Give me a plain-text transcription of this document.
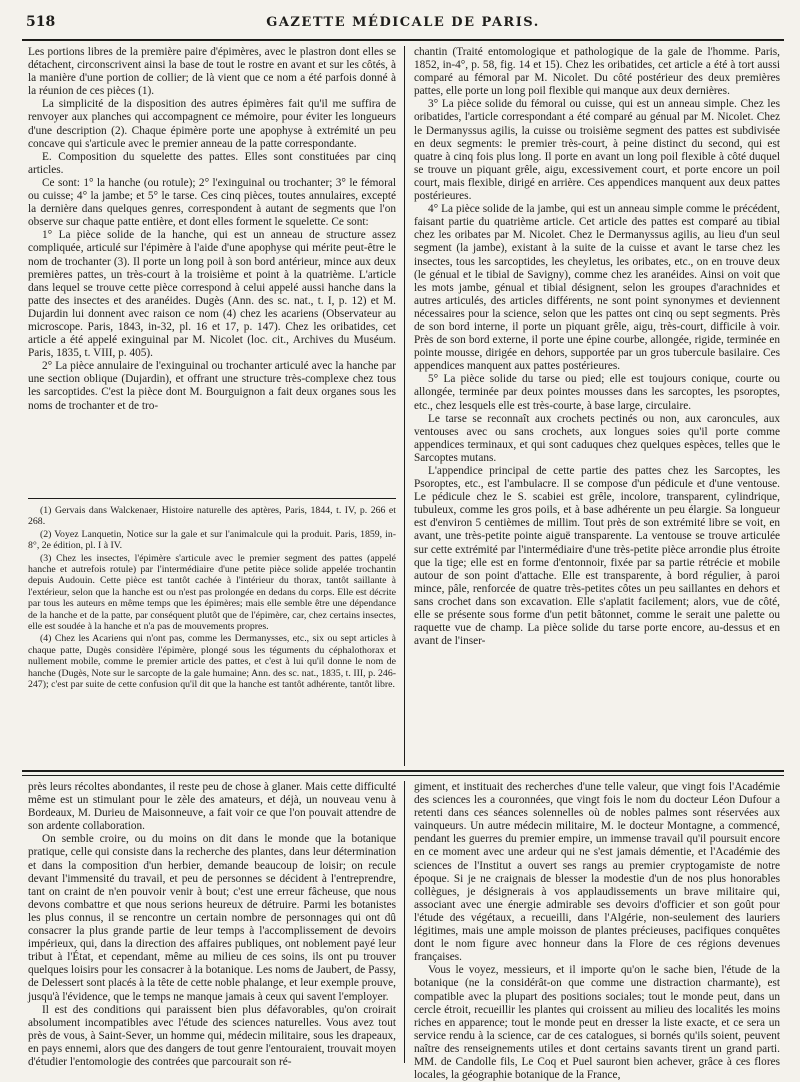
518	GAZETTE MÉDICALE DE PARIS.

Les portions libres de la première paire d'épimères, avec le plastron dont elles se détachent, circonscrivent ainsi la base de tout le rostre en avant et sur les côtés, à la manière d'une portion de collier; de là vient que ce nom a été parfois donné à la réunion de ces pièces (1).

La simplicité de la disposition des autres épimères fait qu'il me suffira de renvoyer aux planches qui accompagnent ce mémoire, pour éviter les longueurs d'une description (2). Chaque épimère porte une apophyse à extrémité un peu concave qui s'articule avec le premier anneau de la patte correspondante.

E. Composition du squelette des pattes. Elles sont constituées par cinq articles.

Ce sont: 1° la hanche (ou rotule); 2° l'exinguinal ou trochanter; 3° le fémoral ou cuisse; 4° la jambe; et 5° le tarse. Ces cinq pièces, toutes annulaires, excepté la dernière dans quelques genres, correspondent à autant de segments que l'on observe sur chaque patte entière, et dont elles forment le squelette. Ce sont:

1° La pièce solide de la hanche, qui est un anneau de structure assez compliquée, articulé sur l'épimère à l'aide d'une apophyse qui mérite peut-être le nom de trochanter (3). Il porte un long poil à son bord antérieur, mince aux deux premières pattes, un très-court à la troisième et point à la quatrième. L'article dans lequel se trouve cette pièce correspond à celui appelé aussi hanche dans la patte des insectes et des aranéides. Dugès (Ann. des sc. nat., t. I, p. 12) et M. Dujardin lui donnent avec raison ce nom (4) chez les acariens (Observateur au microscope. Paris, 1843, in-32, pl. 16 et 17, p. 147). Chez les oribatides, cet article a été appelé exinguinal par M. Nicolet (loc. cit., Archives du Muséum. Paris, 1835, t. VIII, p. 405).

2° La pièce annulaire de l'exinguinal ou trochanter articulé avec la hanche par une section oblique (Dujardin), et offrant une structure très-complexe chez tous les sarcoptides. C'est la pièce dont M. Bourguignon a fait deux organes sous les noms de trochanter et de tro-

(1) Gervais dans Walckenaer, Histoire naturelle des aptères, Paris, 1844, t. IV, p. 266 et 268.

(2) Voyez Lanquetin, Notice sur la gale et sur l'animalcule qui la produit. Paris, 1859, in-8°, 2e édition, pl. I à IV.

(3) Chez les insectes, l'épimère s'articule avec le premier segment des pattes (appelé hanche et autrefois rotule) par l'intermédiaire d'une petite pièce solide appelée trochantin depuis Audouin. Cette pièce est tantôt cachée à l'intérieur du thorax, tantôt saillante à l'extérieur, selon que la hanche est ou n'est pas prolongée en dedans du corps. Elle est décrite par tous les auteurs en même temps que les épimères; mais elle semble être une dépendance de la hanche et de la patte, par conséquent plutôt que de l'épimère, car, chez certains insectes, elle est soudée à la hanche et n'a pas de mouvements propres.

(4) Chez les Acariens qui n'ont pas, comme les Dermanysses, etc., six ou sept articles à chaque patte, Dugès considère l'épimère, plongé sous les téguments du céphalothorax et nullement mobile, comme le premier article des pattes, et c'est à lui qu'il donne le nom de hanche (Dugès, Note sur le sarcopte de la gale humaine; Ann. des sc. nat., 1835, t. III, p. 246-247); c'est par suite de cette confusion qu'il dit que la hanche est tantôt adhérente, tantôt libre.

chantin (Traité entomologique et pathologique de la gale de l'homme. Paris, 1852, in-4°, p. 58, fig. 14 et 15). Chez les oribatides, cet article a été à tort aussi comparé au fémoral par M. Nicolet. Du côté postérieur des deux premières pattes, elle porte un long poil flexible qui manque aux deux dernières.

3° La pièce solide du fémoral ou cuisse, qui est un anneau simple. Chez les oribatides, l'article correspondant a été comparé au génual par M. Nicolet. Chez le Dermanyssus agilis, la cuisse ou troisième segment des pattes est subdivisée en deux segments: le premier très-court, à peine distinct du second, qui est quatre à cinq fois plus long. Il porte en avant un long poil flexible à côté duquel se trouve un piquant grêle, aigu, excessivement court, et porte encore un poil court, mais flexible, dirigé en arrière. Ces appendices manquent aux deux pattes postérieures.

4° La pièce solide de la jambe, qui est un anneau simple comme le précédent, faisant partie du quatrième article. Cet article des pattes est comparé au tibial chez les oribates par M. Nicolet. Chez le Dermanyssus agilis, au lieu d'un seul segment (la jambe), existant à la suite de la cuisse et avant le tarse chez les insectes, tous les sarcoptides, les cheyletus, les oribates, etc., on en trouve deux (le génual et le tibial de Savigny), comme chez les aranéides. Ainsi on voit que les mots jambe, génual et tibial désignent, selon les groupes d'arachnides et autres articulés, des articles différents, ne sont point synonymes et deviennent nécessaires pour la science, selon que les pattes ont cinq ou sept segments. Près de son bord interne, il porte un piquant grêle, aigu, très-court, difficile à voir. Près de son bord externe, il porte une épine courbe, allongée, rigide, terminée en pointe mousse, dirigée en dehors, supportée par un gros tubercule basilaire. Ces appendices manquent aux pattes postérieures.

5° La pièce solide du tarse ou pied; elle est toujours conique, courte ou allongée, terminée par deux pointes mousses dans les sarcoptes, les psoroptes, etc., chez lesquels elle est très-courte, à base large, circulaire.

Le tarse se reconnaît aux crochets pectinés ou non, aux caroncules, aux ventouses avec ou sans crochets, aux longues soies qu'il porte comme appendices terminaux, et qui sont caduques chez quelques espèces, telles que le Sarcoptes mutans.

L'appendice principal de cette partie des pattes chez les Sarcoptes, les Psoroptes, etc., est l'ambulacre. Il se compose d'un pédicule et d'une ventouse. Le pédicule chez le S. scabiei est grêle, incolore, transparent, cylindrique, tubuleux, comme les gros poils, et à base adhérente un peu élargie. Sa longueur est d'environ 5 centièmes de millim. Tout près de son extrémité libre se voit, en avant, une très-petite pointe aiguë transparente. La ventouse se trouve articulée sur cette extrémité par l'intermédiaire d'une très-petite pièce arrondie plus étroite que la tige; elle est en forme d'entonnoir, fixée par sa partie rétrécie et mobile autour de son point d'attache. Elle est transparente, à bord régulier, à paroi mince, pâle, renforcée de quatre très-petites côtes un peu saillantes en dehors et sans crochet dans son excavation. Elle s'aplatit facilement; alors, vue de côté, elle se présente sous forme d'un petit bâtonnet, comme le serait une palette ou raquette vue de champ. La pièce solide du tarse porte encore, au-dessus et en avant de l'inser-

près leurs récoltes abondantes, il reste peu de chose à glaner. Mais cette difficulté même est un stimulant pour le zèle des amateurs, et déjà, un nouveau venu à Bordeaux, M. Durieu de Maisonneuve, a fait voir ce que l'on pouvait attendre de son ardente collaboration.

On semble croire, ou du moins on dit dans le monde que la botanique pratique, celle qui consiste dans la recherche des plantes, dans leur détermination et dans la composition d'un herbier, demande beaucoup de loisir; on recule devant l'immensité du travail, et peu de personnes se décident à l'entreprendre, tant on craint de n'en pouvoir venir à bout; c'est une erreur fâcheuse, que nous devons combattre et que nous serions heureux de détruire. Parmi les botanistes les plus connus, il se rencontre un certain nombre de personnages qui ont dû consacrer la plus grande partie de leur temps à l'accomplissement de devoirs impérieux, qui, dans la direction des affaires publiques, ont noblement payé leur tribut à l'État, et cependant, même au milieu de ces soins, ils ont pu trouver quelques loisirs pour les consacrer à la botanique. Les noms de Jaubert, de Passy, de Delessert sont placés à la tête de cette noble phalange, et leur exemple prouve, jusqu'à l'évidence, que le temps ne manque jamais à ceux qui savent l'employer.

Il est des conditions qui paraissent bien plus défavorables, qu'on croirait absolument incompatibles avec l'étude des sciences naturelles. Vous avez tout près de vous, à Saint-Sever, un homme qui, médecin militaire, sous les drapeaux, en pays ennemi, alors que des dangers de tout genre l'entouraient, trouvait moyen d'étudier l'entomologie des contrées que parcourait son ré-

giment, et instituait des recherches d'une telle valeur, que vingt fois l'Académie des sciences les a couronnées, que vingt fois le nom du docteur Léon Dufour a retenti dans ces séances solennelles où de nobles palmes sont réservées aux vainqueurs. Un autre médecin militaire, M. le docteur Montagne, a commencé, pendant les guerres du premier empire, un immense travail qu'il poursuit encore en ce moment avec une ardeur qui ne s'est jamais démentie, et l'Académie des sciences de l'Institut a ouvert ses rangs au premier cryptogamiste de notre époque. Si je ne craignais de blesser la modestie d'un de nos plus honorables collègues, je désignerais à vos applaudissements un brave militaire qui, associant avec une énergie admirable ses devoirs d'officier et son goût pour l'étude des végétaux, a recueilli, dans l'Algérie, non-seulement des lauriers légitimes, mais une ample moisson de plantes précieuses, pacifiques conquêtes dont le nom figure avec honneur dans la Flore de ces régions devenues françaises.

Vous le voyez, messieurs, et il importe qu'on le sache bien, l'étude de la botanique (ne la considérât-on que comme une distraction charmante), est compatible avec la plupart des positions sociales; tout le monde peut, dans un cercle étroit, recueillir les plantes qui croissent au milieu des localités les moins riches en apparence; tout le monde peut en dresser la liste exacte, et ce sera un service rendu à la science, car de ces catalogues, si bornés qu'ils soient, peuvent naître des renseignements utiles et dont certains savants tirent un grand parti. MM. de Candolle fils, Le Coq et Puel sauront bien achever, grâce à ces flores locales, la géographie botanique de la France,
